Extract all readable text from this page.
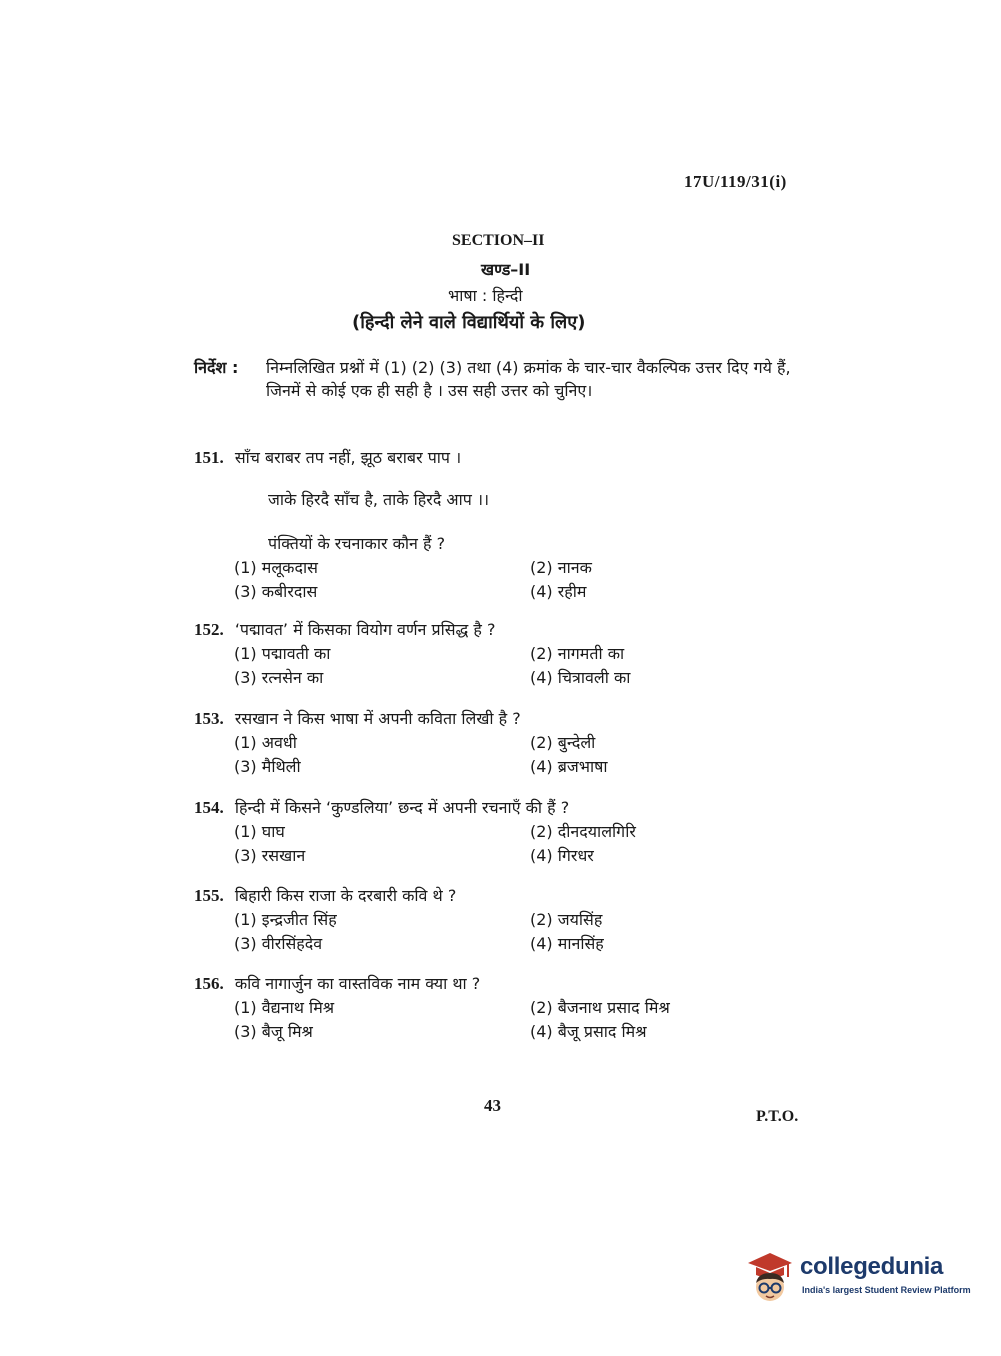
17U/119/31(i)
SECTION–II
खण्ड–II
भाषा : हिन्दी
(हिन्दी लेने वाले विद्यार्थियों के लिए)
निर्देश :	निम्नलिखित प्रश्नों में (1) (2) (3) तथा (4) क्रमांक के चार-चार वैकल्पिक उत्तर दिए गये हैं, जिनमें से कोई एक ही सही है । उस सही उत्तर को चुनिए।
151. साँच बराबर तप नहीं, झूठ बराबर पाप ।
जाके हिरदै साँच है, ताके हिरदै आप ।।
पंक्तियों के रचनाकार कौन हैं ?
(1) मलूकदास	(2) नानक
(3) कबीरदास	(4) रहीम
152. ‘पद्मावत’ में किसका वियोग वर्णन प्रसिद्ध है ?
(1) पद्मावती का	(2) नागमती का
(3) रत्नसेन का	(4) चित्रावली का
153. रसखान ने किस भाषा में अपनी कविता लिखी है ?
(1) अवधी	(2) बुन्देली
(3) मैथिली	(4) ब्रजभाषा
154. हिन्दी में किसने ‘कुण्डलिया’ छन्द में अपनी रचनाएँ की हैं ?
(1) घाघ	(2) दीनदयालगिरि
(3) रसखान	(4) गिरधर
155. बिहारी किस राजा के दरबारी कवि थे ?
(1) इन्द्रजीत सिंह	(2) जयसिंह
(3) वीरसिंहदेव	(4) मानसिंह
156. कवि नागार्जुन का वास्तविक नाम क्या था ?
(1) वैद्यनाथ मिश्र	(2) बैजनाथ प्रसाद मिश्र
(3) बैजू मिश्र	(4) बैजू प्रसाद मिश्र
43
P.T.O.
collegedunia
India's largest Student Review Platform
